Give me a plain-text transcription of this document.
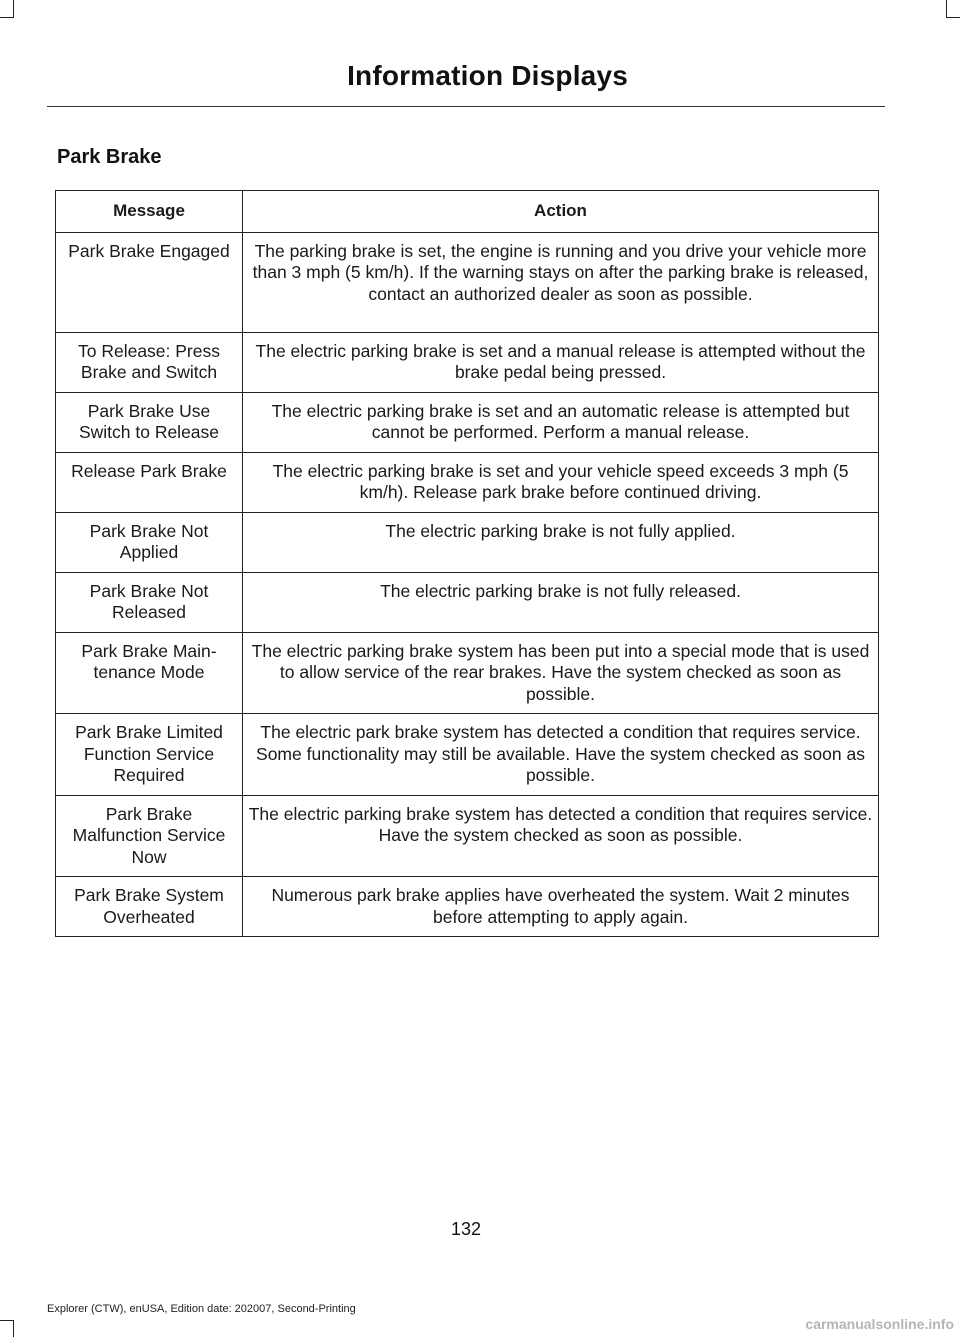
Information Displays
Park Brake
Message	Action
Park Brake Engaged	The parking brake is set, the engine is running and you drive your vehicle more than 3 mph (5 km/h). If the warning stays on after the parking brake is released, contact an authorized dealer as soon as possible.
To Release: Press Brake and Switch	The electric parking brake is set and a manual release is attempted without the brake pedal being pressed.
Park Brake Use Switch to Release	The electric parking brake is set and an automatic release is attempted but cannot be performed. Perform a manual release.
Release Park Brake	The electric parking brake is set and your vehicle speed exceeds 3 mph (5 km/h). Release park brake before continued driving.
Park Brake Not Applied	The electric parking brake is not fully applied.
Park Brake Not Released	The electric parking brake is not fully released.
Park Brake Main-tenance Mode	The electric parking brake system has been put into a special mode that is used to allow service of the rear brakes. Have the system checked as soon as possible.
Park Brake Limited Function Service Required	The electric park brake system has detected a condition that requires service. Some functionality may still be available. Have the system checked as soon as possible.
Park Brake Malfunction Service Now	The electric parking brake system has detected a condition that requires service. Have the system checked as soon as possible.
Park Brake System Overheated	Numerous park brake applies have overheated the system. Wait 2 minutes before attempting to apply again.
132
Explorer (CTW), enUSA, Edition date: 202007, Second-Printing
carmanualsonline.info
